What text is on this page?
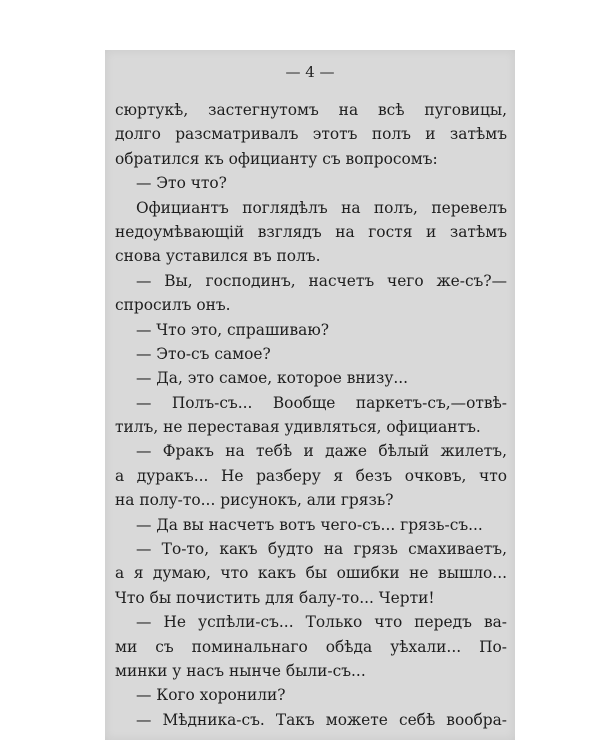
— 4 —
сюртукѣ, застегнутомъ на всѣ пуговицы,
долго разсматривалъ этотъ полъ и затѣмъ
обратился къ официанту съ вопросомъ:
— Это что?
Официантъ поглядѣлъ на полъ, перевелъ
недоумѣвающій взглядъ на гостя и затѣмъ
снова уставился въ полъ.
— Вы, господинъ, насчетъ чего же-съ?—
спросилъ онъ.
— Что это, спрашиваю?
— Это-съ самое?
— Да, это самое, которое внизу...
— Полъ-съ... Вообще паркетъ-съ,—отвѣ-
тилъ, не переставая удивляться, официантъ.
— Фракъ на тебѣ и даже бѣлый жилетъ,
а дуракъ... Не разберу я безъ очковъ, что
на полу-то... рисунокъ, али грязь?
— Да вы насчетъ вотъ чего-съ... грязь-съ...
— То-то, какъ будто на грязь смахиваетъ,
а я думаю, что какъ бы ошибки не вышло...
Что бы почистить для балу-то... Черти!
— Не успѣли-съ... Только что передъ ва-
ми съ поминальнаго обѣда уѣхали... По-
минки у насъ нынче были-съ...
— Кого хоронили?
— Мѣдника-съ. Такъ можете себѣ вообра-
